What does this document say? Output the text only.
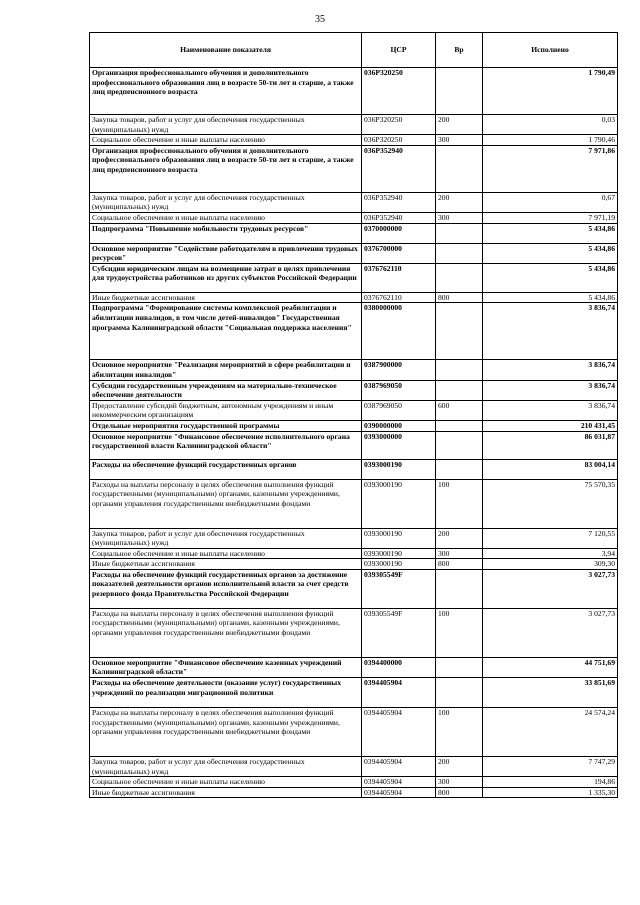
35
Наименование показателя	ЦСР	Вр	Исполнено
Организация профессионального обучения и дополнительного профессионального образования лиц в возрасте 50-ти лет и старше, а также лиц предпенсионного возраста	036P320250		1 790,49
Закупка товаров, работ и услуг для обеспечения государственных (муниципальных) нужд	036P320250	200	0,03
Социальное обеспечение и иные выплаты населению	036P320250	300	1 790,46
Организация профессионального обучения и дополнительного профессионального образования лиц в возрасте 50-ти лет и старше, а также лиц предпенсионного возраста	036P352940		7 971,86
Закупка товаров, работ и услуг для обеспечения государственных (муниципальных) нужд	036P352940	200	0,67
Социальное обеспечение и иные выплаты населению	036P352940	300	7 971,19
Подпрограмма "Повышение мобильности трудовых ресурсов"	0370000000		5 434,86
Основное мероприятие "Содействие работодателям в привлечении трудовых ресурсов"	0376700000		5 434,86
Субсидии юридическим лицам на возмещение затрат в целях привлечения для трудоустройства работников из других субъектов Российской Федерации	0376762110		5 434,86
Иные бюджетные ассигнования	0376762110	800	5 434,86
Подпрограмма "Формирование системы комплексной реабилитации и абилитации инвалидов, в том числе детей-инвалидов" Государственная программа Калининградской области "Социальная поддержка населения"	0380000000		3 836,74
Основное мероприятие "Реализация мероприятий в сфере реабилитации и абилитации инвалидов"	0387900000		3 836,74
Субсидии государственным учреждениям на материально-техническое обеспечение деятельности	0387969050		3 836,74
Предоставление субсидий бюджетным, автономным учреждениям и иным некоммерческим организациям	0387969050	600	3 836,74
Отдельные мероприятия государственной программы	0390000000		210 431,45
Основное мероприятие "Финансовое обеспечение исполнительного органа государственной власти Калининградской области"	0393000000		86 031,87
Расходы на обеспечение функций государственных органов	0393000190		83 004,14
Расходы на выплаты персоналу в целях обеспечения выполнения функций государственными (муниципальными) органами, казенными учреждениями, органами управления государственными внебюджетными фондами	0393000190	100	75 570,35
Закупка товаров, работ и услуг для обеспечения государственных (муниципальных) нужд	0393000190	200	7 120,55
Социальное обеспечение и иные выплаты населению	0393000190	300	3,94
Иные бюджетные ассигнования	0393000190	800	309,30
Расходы на обеспечение функций государственных органов за достижение показателей деятельности органов исполнительной власти за счет средств резервного фонда Правительства Российской Федерации	039305549F		3 027,73
Расходы на выплаты персоналу в целях обеспечения выполнения функций государственными (муниципальными) органами, казенными учреждениями, органами управления государственными внебюджетными фондами	039305549F	100	3 027,73
Основное мероприятие "Финансовое обеспечение казенных учреждений Калининградской области"	0394400000		44 751,69
Расходы на обеспечение деятельности (оказание услуг) государственных учреждений по реализации миграционной политики	0394405904		33 851,69
Расходы на выплаты персоналу в целях обеспечения выполнения функций государственными (муниципальными) органами, казенными учреждениями, органами управления государственными внебюджетными фондами	0394405904	100	24 574,24
Закупка товаров, работ и услуг для обеспечения государственных (муниципальных) нужд	0394405904	200	7 747,29
Социальное обеспечение и иные выплаты населению	0394405904	300	194,86
Иные бюджетные ассигнования	0394405904	800	1 335,30
